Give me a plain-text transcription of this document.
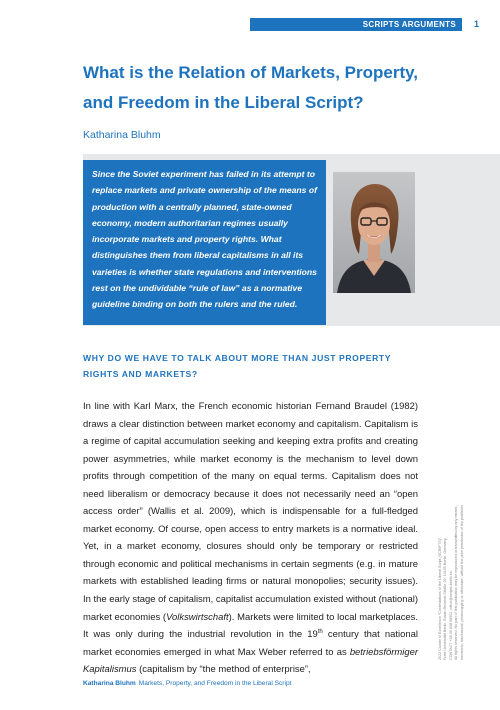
SCRIPTS ARGUMENTS	1
What is the Relation of Markets, Property, and Freedom in the Liberal Script?
Katharina Bluhm
Since the Soviet experiment has failed in its attempt to replace markets and private ownership of the means of production with a centrally planned, state-owned economy, modern authoritarian regimes usually incorporate markets and property rights. What distinguishes them from liberal capitalisms in all its varieties is whether state regulations and interventions rest on the undividable “rule of law” as a normative guideline binding on both the rulers and the ruled.
WHY DO WE HAVE TO TALK ABOUT MORE THAN JUST PROPERTY RIGHTS AND MARKETS?

In line with Karl Marx, the French economic historian Fernand Braudel (1982) draws a clear distinction between market economy and capitalism. Capitalism is a regime of capital accumulation seeking and keeping extra profits and creating power asymmetries, while market economy is the mechanism to level down profits through competition of the many on equal terms. Capitalism does not need liberalism or democracy because it does not necessarily need an “open access order” (Wallis et al. 2009), which is indispensable for a full-fledged market economy. Of course, open access to entry markets is a normative ideal. Yet, in a market economy, closures should only be temporary or restricted through economic and political mechanisms in certain segments (e.g. in mature markets with established leading firms or natural monopolies; security issues). In the early stage of capitalism, capitalist accumulation existed without (national) market economies (Volkswirtschaft). Markets were limited to local marketplaces. It was only during the industrial revolution in the 19th century that national market economies emerged in what Max Weber referred to as betriebsförmiger Kapitalismus (capitalism by “the method of enterprise”,

2022 Cluster of Excellence “Contestations of the Liberal Script (SCRIPTS)”, Freie Universität Berlin, Edwin-Redslob-Straße 29, 14195 Berlin, Germany. CONTACT +49 30 838 58502, office@scripts-berlin.eu. All rights reserved. No part of this publication may be reproduced or transmitted by any means, electronic, mechanical, photocopying or otherwise, without the prior permission of the publisher.
Katharina Bluhm Markets, Property, and Freedom in the Liberal Script
